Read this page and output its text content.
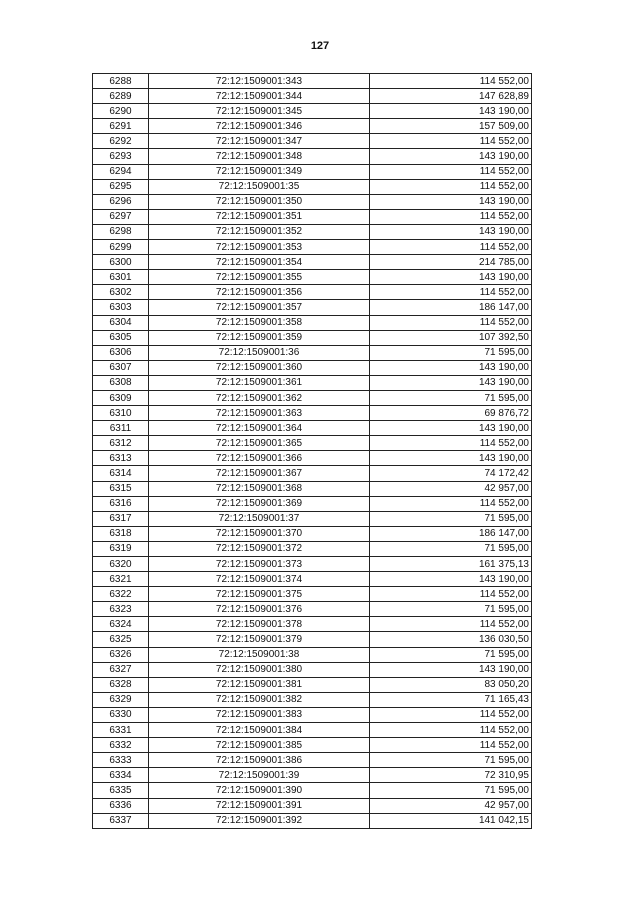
127
6288	72:12:1509001:343	114 552,00
6289	72:12:1509001:344	147 628,89
6290	72:12:1509001:345	143 190,00
6291	72:12:1509001:346	157 509,00
6292	72:12:1509001:347	114 552,00
6293	72:12:1509001:348	143 190,00
6294	72:12:1509001:349	114 552,00
6295	72:12:1509001:35	114 552,00
6296	72:12:1509001:350	143 190,00
6297	72:12:1509001:351	114 552,00
6298	72:12:1509001:352	143 190,00
6299	72:12:1509001:353	114 552,00
6300	72:12:1509001:354	214 785,00
6301	72:12:1509001:355	143 190,00
6302	72:12:1509001:356	114 552,00
6303	72:12:1509001:357	186 147,00
6304	72:12:1509001:358	114 552,00
6305	72:12:1509001:359	107 392,50
6306	72:12:1509001:36	71 595,00
6307	72:12:1509001:360	143 190,00
6308	72:12:1509001:361	143 190,00
6309	72:12:1509001:362	71 595,00
6310	72:12:1509001:363	69 876,72
6311	72:12:1509001:364	143 190,00
6312	72:12:1509001:365	114 552,00
6313	72:12:1509001:366	143 190,00
6314	72:12:1509001:367	74 172,42
6315	72:12:1509001:368	42 957,00
6316	72:12:1509001:369	114 552,00
6317	72:12:1509001:37	71 595,00
6318	72:12:1509001:370	186 147,00
6319	72:12:1509001:372	71 595,00
6320	72:12:1509001:373	161 375,13
6321	72:12:1509001:374	143 190,00
6322	72:12:1509001:375	114 552,00
6323	72:12:1509001:376	71 595,00
6324	72:12:1509001:378	114 552,00
6325	72:12:1509001:379	136 030,50
6326	72:12:1509001:38	71 595,00
6327	72:12:1509001:380	143 190,00
6328	72:12:1509001:381	83 050,20
6329	72:12:1509001:382	71 165,43
6330	72:12:1509001:383	114 552,00
6331	72:12:1509001:384	114 552,00
6332	72:12:1509001:385	114 552,00
6333	72:12:1509001:386	71 595,00
6334	72:12:1509001:39	72 310,95
6335	72:12:1509001:390	71 595,00
6336	72:12:1509001:391	42 957,00
6337	72:12:1509001:392	141 042,15
